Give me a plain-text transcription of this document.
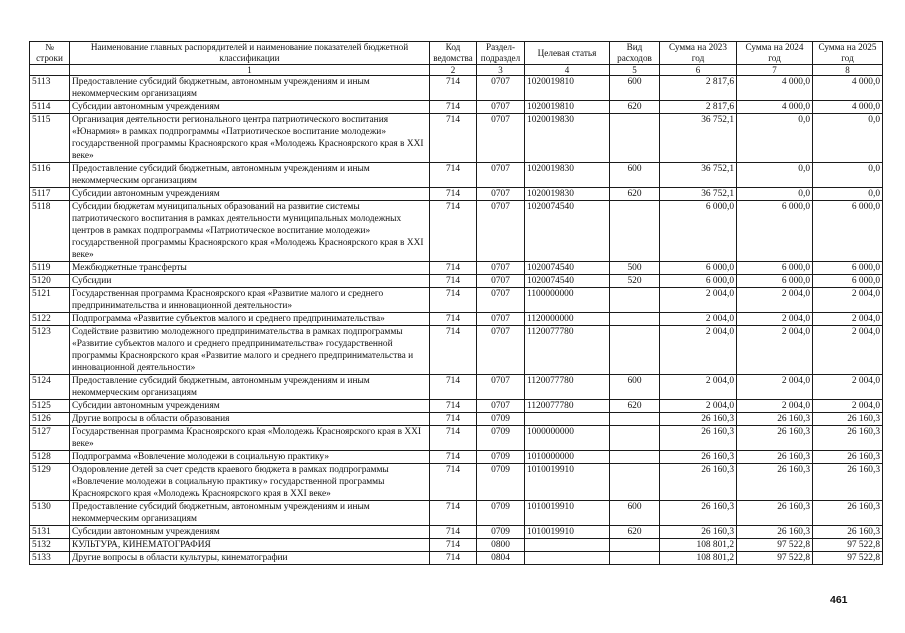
№ строки	Наименование главных распорядителей и наименование показателей бюджетной классификации	Код ведомства	Раздел-подраздел	Целевая статья	Вид расходов	Сумма на 2023 год	Сумма на 2024 год	Сумма на 2025 год
	1	2	3	4	5	6	7	8
5113	Предоставление субсидий бюджетным, автономным учреждениям и иным некоммерческим организациям	714	0707	1020019810	600	2 817,6	4 000,0	4 000,0
5114	Субсидии автономным учреждениям	714	0707	1020019810	620	2 817,6	4 000,0	4 000,0
5115	Организация деятельности регионального центра патриотического воспитания «Юнармия» в рамках подпрограммы «Патриотическое воспитание молодежи» государственной программы Красноярского края «Молодежь Красноярского края в XXI веке»	714	0707	1020019830		36 752,1	0,0	0,0
5116	Предоставление субсидий бюджетным, автономным учреждениям и иным некоммерческим организациям	714	0707	1020019830	600	36 752,1	0,0	0,0
5117	Субсидии автономным учреждениям	714	0707	1020019830	620	36 752,1	0,0	0,0
5118	Субсидии бюджетам муниципальных образований на развитие системы патриотического воспитания в рамках деятельности муниципальных молодежных центров в рамках подпрограммы «Патриотическое воспитание молодежи» государственной программы Красноярского края «Молодежь Красноярского края в XXI веке»	714	0707	1020074540		6 000,0	6 000,0	6 000,0
5119	Межбюджетные трансферты	714	0707	1020074540	500	6 000,0	6 000,0	6 000,0
5120	Субсидии	714	0707	1020074540	520	6 000,0	6 000,0	6 000,0
5121	Государственная программа Красноярского края «Развитие малого и среднего предпринимательства и инновационной деятельности»	714	0707	1100000000		2 004,0	2 004,0	2 004,0
5122	Подпрограмма «Развитие субъектов малого и среднего предпринимательства»	714	0707	1120000000		2 004,0	2 004,0	2 004,0
5123	Содействие развитию молодежного предпринимательства в рамках подпрограммы «Развитие субъектов малого и среднего предпринимательства» государственной программы Красноярского края «Развитие малого и среднего предпринимательства и инновационной деятельности»	714	0707	1120077780		2 004,0	2 004,0	2 004,0
5124	Предоставление субсидий бюджетным, автономным учреждениям и иным некоммерческим организациям	714	0707	1120077780	600	2 004,0	2 004,0	2 004,0
5125	Субсидии автономным учреждениям	714	0707	1120077780	620	2 004,0	2 004,0	2 004,0
5126	Другие вопросы в области образования	714	0709			26 160,3	26 160,3	26 160,3
5127	Государственная программа Красноярского края «Молодежь Красноярского края в XXI веке»	714	0709	1000000000		26 160,3	26 160,3	26 160,3
5128	Подпрограмма «Вовлечение молодежи в социальную практику»	714	0709	1010000000		26 160,3	26 160,3	26 160,3
5129	Оздоровление детей за счет средств краевого бюджета в рамках подпрограммы «Вовлечение молодежи в социальную практику» государственной программы Красноярского края «Молодежь Красноярского края в XXI веке»	714	0709	1010019910		26 160,3	26 160,3	26 160,3
5130	Предоставление субсидий бюджетным, автономным учреждениям и иным некоммерческим организациям	714	0709	1010019910	600	26 160,3	26 160,3	26 160,3
5131	Субсидии автономным учреждениям	714	0709	1010019910	620	26 160,3	26 160,3	26 160,3
5132	КУЛЬТУРА, КИНЕМАТОГРАФИЯ	714	0800			108 801,2	97 522,8	97 522,8
5133	Другие вопросы в области культуры, кинематографии	714	0804			108 801,2	97 522,8	97 522,8
461
